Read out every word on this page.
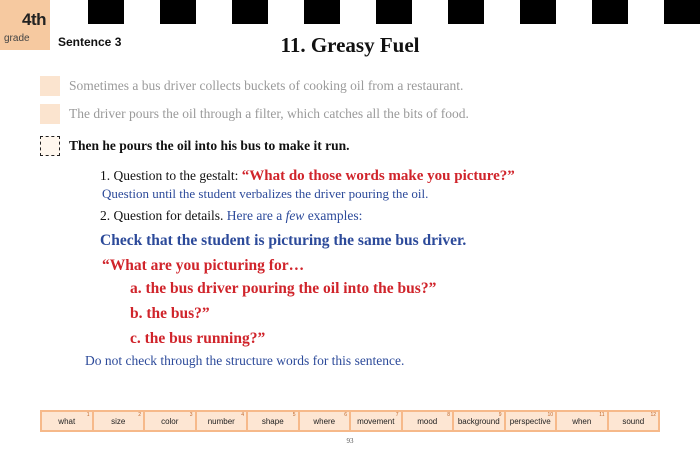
4th
grade Sentence 3	11. Greasy Fuel
Sometimes a bus driver collects buckets of cooking oil from a restaurant.
The driver pours the oil through a filter, which catches all the bits of food.
Then he pours the oil into his bus to make it run.
1. Question to the gestalt: “What do those words make you picture?”
Question until the student verbalizes the driver pouring the oil.
2. Question for details. Here are a few examples:
Check that the student is picturing the same bus driver.
“What are you picturing for…
a. the bus driver pouring the oil into the bus?”
b. the bus?”
c. the bus running?”
Do not check through the structure words for this sentence.
what
1
size
2
color
3
number
4
shape
5
where
6
movement
7
mood
8
background
9
perspective
10
when
11
sound
12
93
